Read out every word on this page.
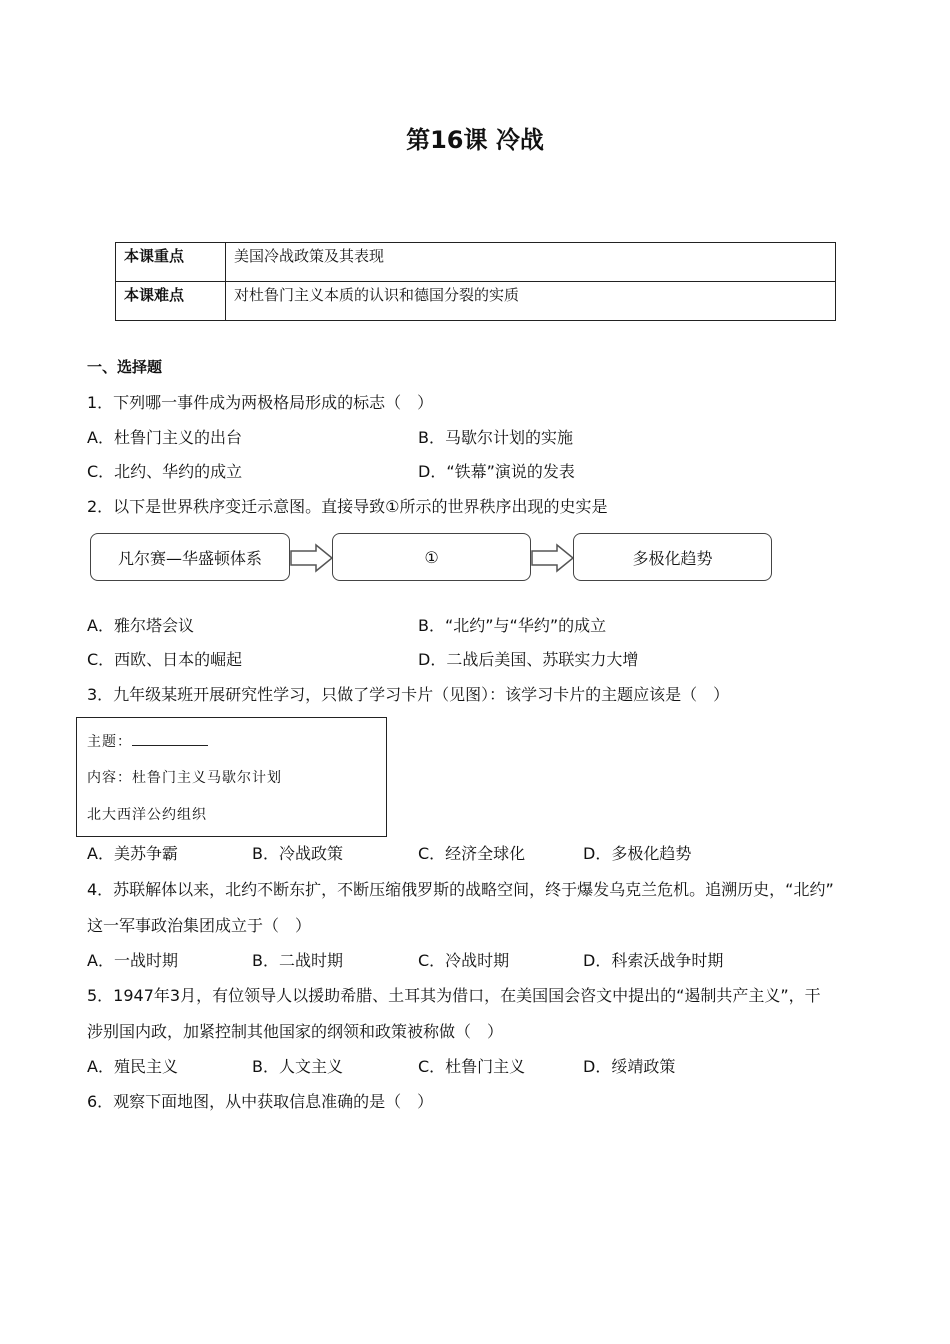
第16课 冷战
本课重点	美国冷战政策及其表现
本课难点	对杜鲁门主义本质的认识和德国分裂的实质
一、选择题
1．下列哪一事件成为两极格局形成的标志（　）
A．杜鲁门主义的出台	B．马歇尔计划的实施
C．北约、华约的成立	D．“铁幕”演说的发表
2．以下是世界秩序变迁示意图。直接导致①所示的世界秩序出现的史实是
凡尔赛—华盛顿体系	①	多极化趋势
A．雅尔塔会议	B．“北约”与“华约”的成立
C．西欧、日本的崛起	D．二战后美国、苏联实力大增
3．九年级某班开展研究性学习，只做了学习卡片（见图）：该学习卡片的主题应该是（　）
主题：
内容：杜鲁门主义马歇尔计划
北大西洋公约组织
A．美苏争霸	B．冷战政策	C．经济全球化	D．多极化趋势
4．苏联解体以来，北约不断东扩，不断压缩俄罗斯的战略空间，终于爆发乌克兰危机。追溯历史，“北约”
这一军事政治集团成立于（　）
A．一战时期	B．二战时期	C．冷战时期	D．科索沃战争时期
5．1947年3月，有位领导人以援助希腊、土耳其为借口，在美国国会咨文中提出的“遏制共产主义”，干
涉别国内政，加紧控制其他国家的纲领和政策被称做（　）
A．殖民主义	B．人文主义	C．杜鲁门主义	D．绥靖政策
6．观察下面地图，从中获取信息准确的是（　）
